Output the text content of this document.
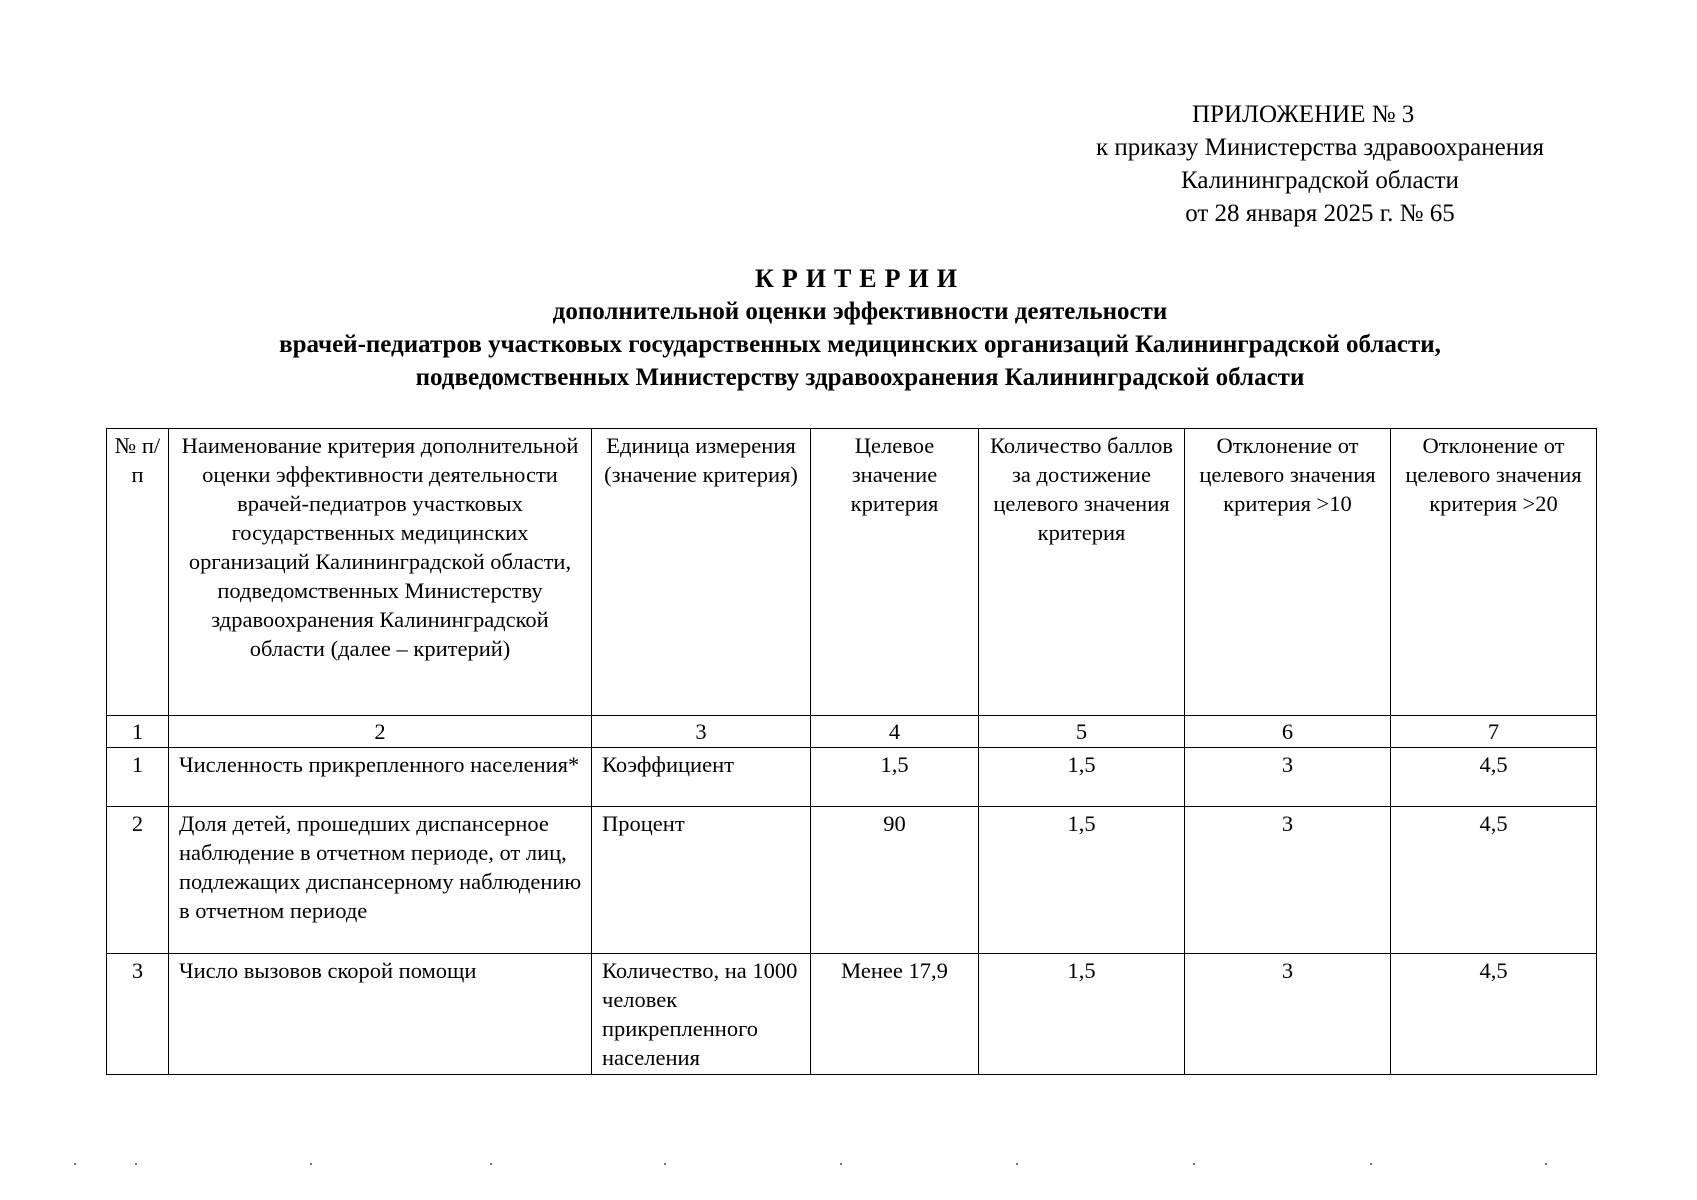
ПРИЛОЖЕНИЕ № 3
к приказу Министерства здравоохранения
Калининградской области
от 28 января 2025 г. № 65
КРИТЕРИИ
дополнительной оценки эффективности деятельности
врачей-педиатров участковых государственных медицинских организаций Калининградской области,
подведомственных Министерству здравоохранения Калининградской области
№ п/п	Наименование критерия дополнительной оценки эффективности деятельности врачей-педиатров участковых государственных медицинских организаций Калининградской области, подведомственных Министерству здравоохранения Калининградской области (далее – критерий)	Единица измерения (значение критерия)	Целевое значение критерия	Количество баллов за достижение целевого значения критерия	Отклонение от целевого значения критерия >10	Отклонение от целевого значения критерия >20
1	2	3	4	5	6	7
1	Численность прикрепленного населения*	Коэффициент	1,5	1,5	3	4,5
2	Доля детей, прошедших диспансерное наблюдение в отчетном периоде, от лиц, подлежащих диспансерному наблюдению в отчетном периоде	Процент	90	1,5	3	4,5
3	Число вызовов скорой помощи	Количество, на 1000 человек прикрепленного населения	Менее 17,9	1,5	3	4,5
